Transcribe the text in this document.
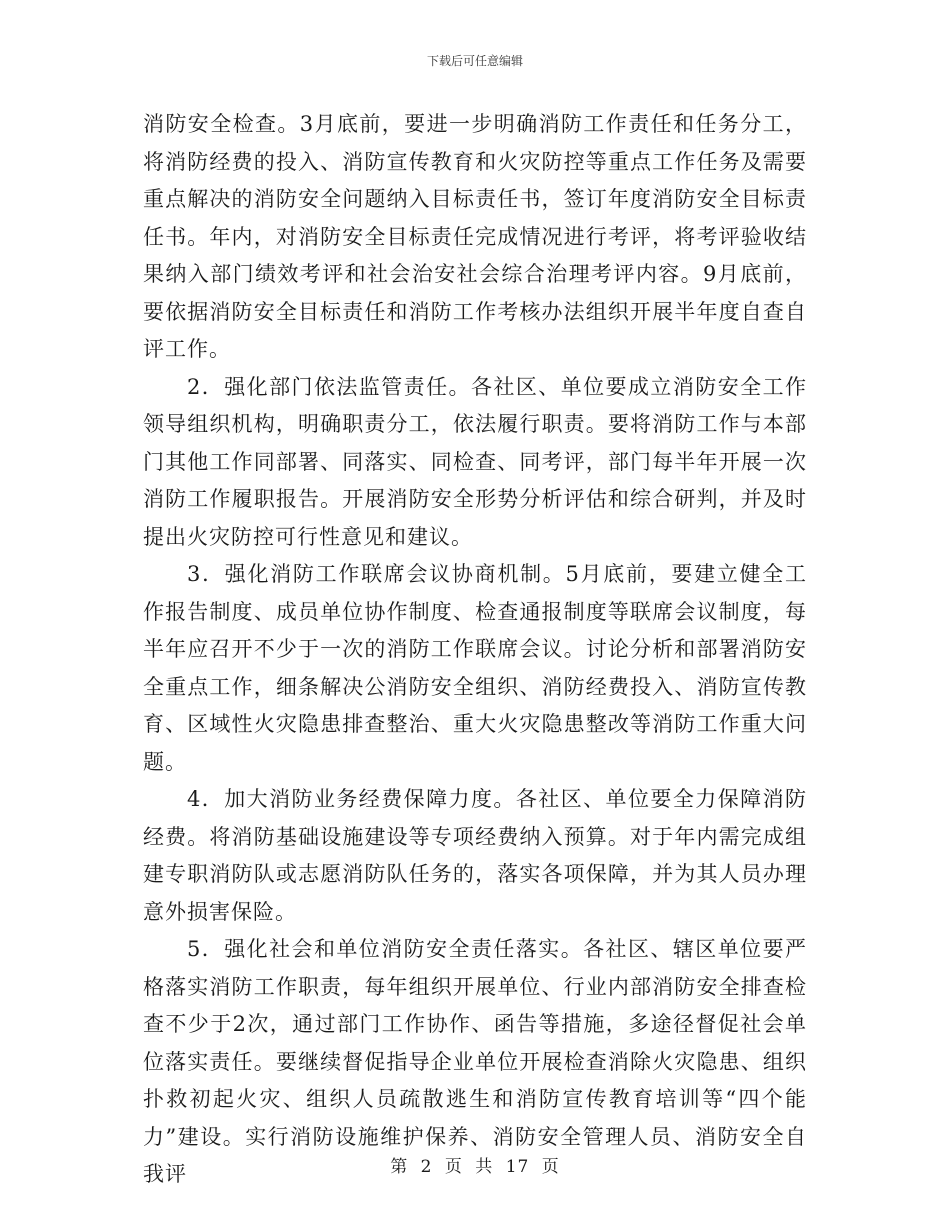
下载后可任意编辑

消防安全检查。3月底前，要进一步明确消防工作责任和任务分工，将消防经费的投入、消防宣传教育和火灾防控等重点工作任务及需要重点解决的消防安全问题纳入目标责任书，签订年度消防安全目标责任书。年内，对消防安全目标责任完成情况进行考评，将考评验收结果纳入部门绩效考评和社会治安社会综合治理考评内容。9月底前，要依据消防安全目标责任和消防工作考核办法组织开展半年度自查自评工作。

2．强化部门依法监管责任。各社区、单位要成立消防安全工作领导组织机构，明确职责分工，依法履行职责。要将消防工作与本部门其他工作同部署、同落实、同检查、同考评，部门每半年开展一次消防工作履职报告。开展消防安全形势分析评估和综合研判，并及时提出火灾防控可行性意见和建议。

3．强化消防工作联席会议协商机制。5月底前，要建立健全工作报告制度、成员单位协作制度、检查通报制度等联席会议制度，每半年应召开不少于一次的消防工作联席会议。讨论分析和部署消防安全重点工作，细条解决公消防安全组织、消防经费投入、消防宣传教育、区域性火灾隐患排查整治、重大火灾隐患整改等消防工作重大问题。

4．加大消防业务经费保障力度。各社区、单位要全力保障消防经费。将消防基础设施建设等专项经费纳入预算。对于年内需完成组建专职消防队或志愿消防队任务的，落实各项保障，并为其人员办理意外损害保险。

5．强化社会和单位消防安全责任落实。各社区、辖区单位要严格落实消防工作职责，每年组织开展单位、行业内部消防安全排查检查不少于2次，通过部门工作协作、函告等措施，多途径督促社会单位落实责任。要继续督促指导企业单位开展检查消除火灾隐患、组织扑救初起火灾、组织人员疏散逃生和消防宣传教育培训等“四个能力”建设。实行消防设施维护保养、消防安全管理人员、消防安全自我评	第 2 页 共 17 页
